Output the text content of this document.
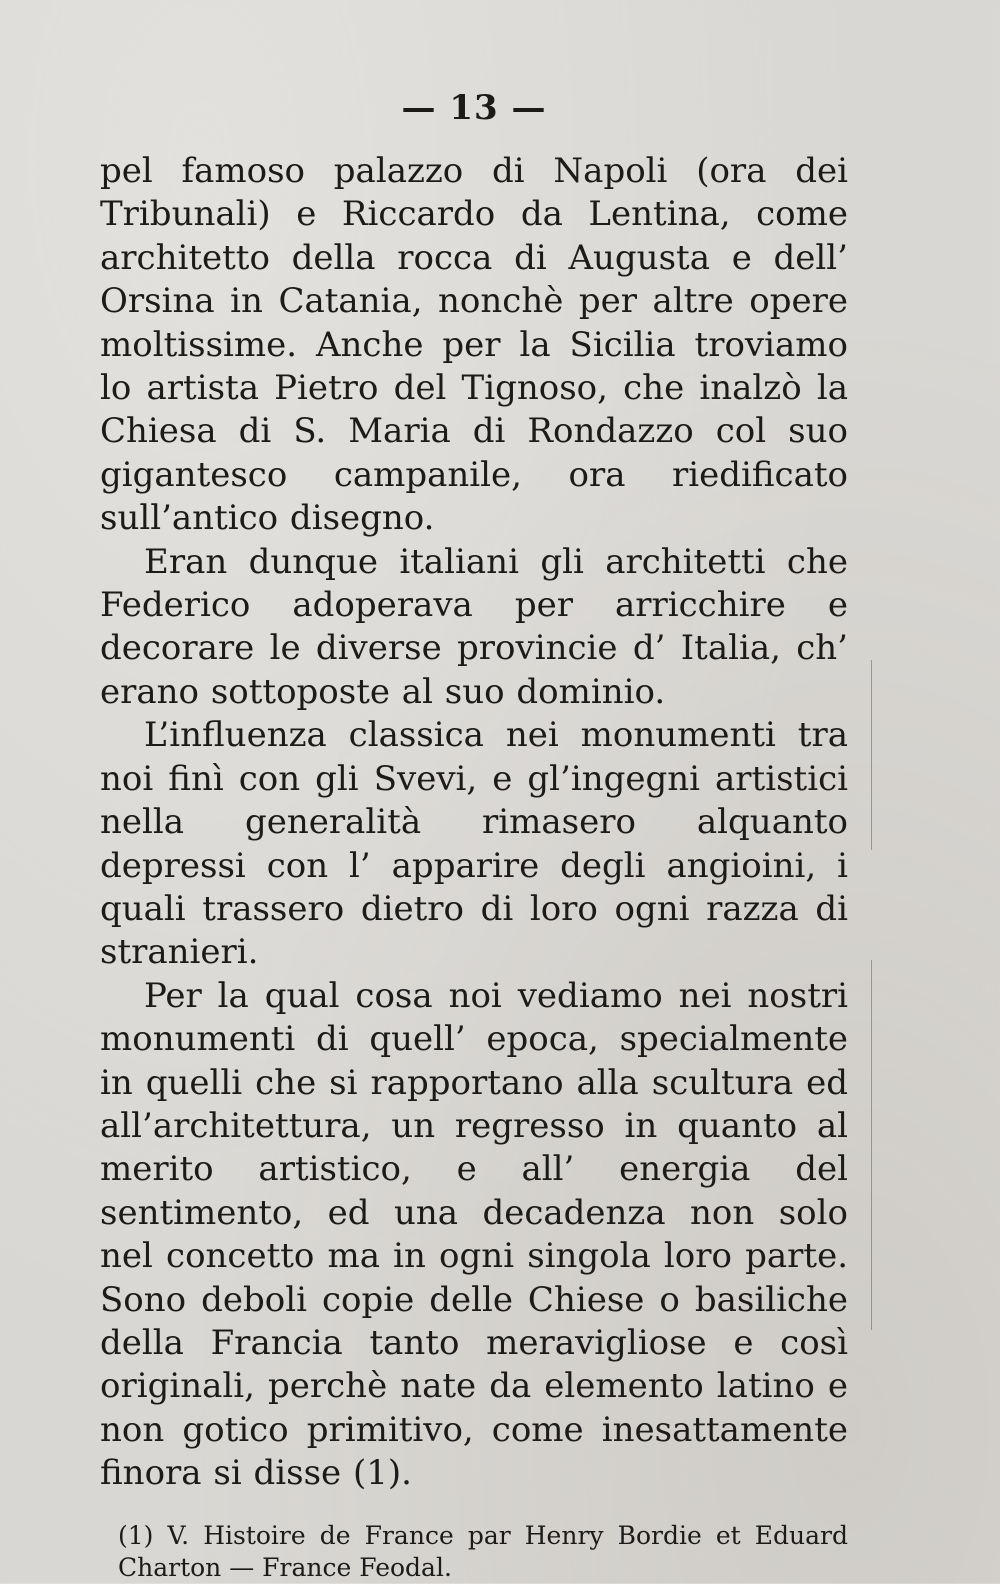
— 13 —

pel famoso palazzo di Napoli (ora dei Tribunali) e Riccardo da Lentina, come architetto della rocca di Augusta e dell’ Orsina in Catania, nonchè per altre opere moltissime. Anche per la Sicilia troviamo lo artista Pietro del Tignoso, che inalzò la Chiesa di S. Maria di Rondazzo col suo gigantesco campanile, ora riedificato sull’antico disegno.

Eran dunque italiani gli architetti che Federico adoperava per arricchire e decorare le diverse provincie d’ Italia, ch’ erano sottoposte al suo dominio.

L’influenza classica nei monumenti tra noi finì con gli Svevi, e gl’ingegni artistici nella generalità rimasero alquanto depressi con l’ apparire degli angioini, i quali trassero dietro di loro ogni razza di stranieri.

Per la qual cosa noi vediamo nei nostri monumenti di quell’ epoca, specialmente in quelli che si rapportano alla scultura ed all’architettura, un regresso in quanto al merito artistico, e all’ energia del sentimento, ed una decadenza non solo nel concetto ma in ogni singola loro parte. Sono deboli copie delle Chiese o basiliche della Francia tanto meravigliose e così originali, perchè nate da elemento latino e non gotico primitivo, come inesattamente finora si disse (1).

(1) V. Histoire de France par Henry Bordie et Eduard Charton — France Feodal.
